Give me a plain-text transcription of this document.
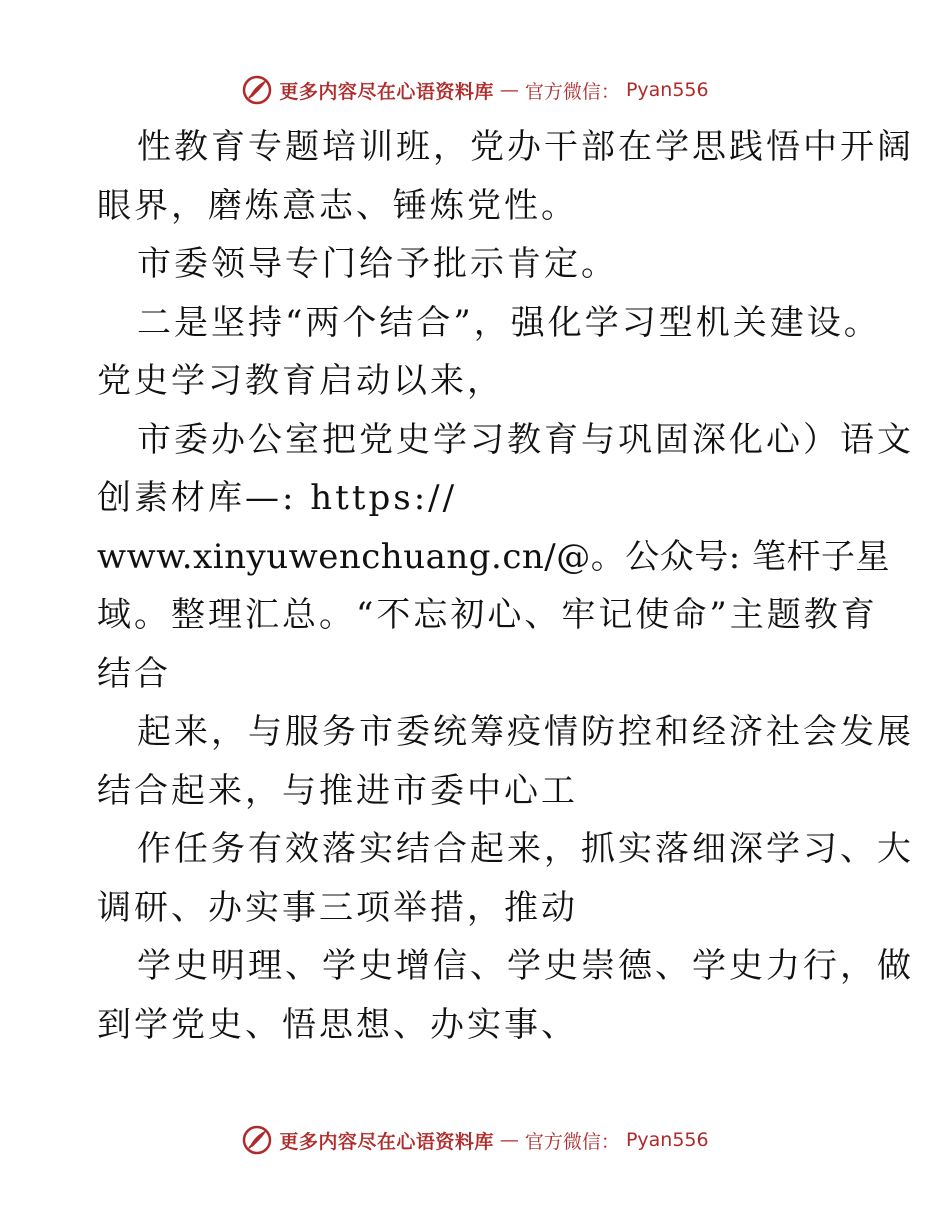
更多内容尽在心语资料库 — 官方微信： Pyan556
性教育专题培训班，党办干部在学思践悟中开阔
眼界，磨炼意志、锤炼党性。
市委领导专门给予批示肯定。
二是坚持“两个结合”，强化学习型机关建设。
党史学习教育启动以来，
市委办公室把党史学习教育与巩固深化心）语文
创素材库—: https://
www.xinyuwenchuang.cn/@。公众号: 笔杆子星
域。整理汇总。“不忘初心、牢记使命”主题教育
结合
起来，与服务市委统筹疫情防控和经济社会发展
结合起来，与推进市委中心工
作任务有效落实结合起来，抓实落细深学习、大
调研、办实事三项举措，推动
学史明理、学史增信、学史崇德、学史力行，做
到学党史、悟思想、办实事、
更多内容尽在心语资料库 — 官方微信： Pyan556
